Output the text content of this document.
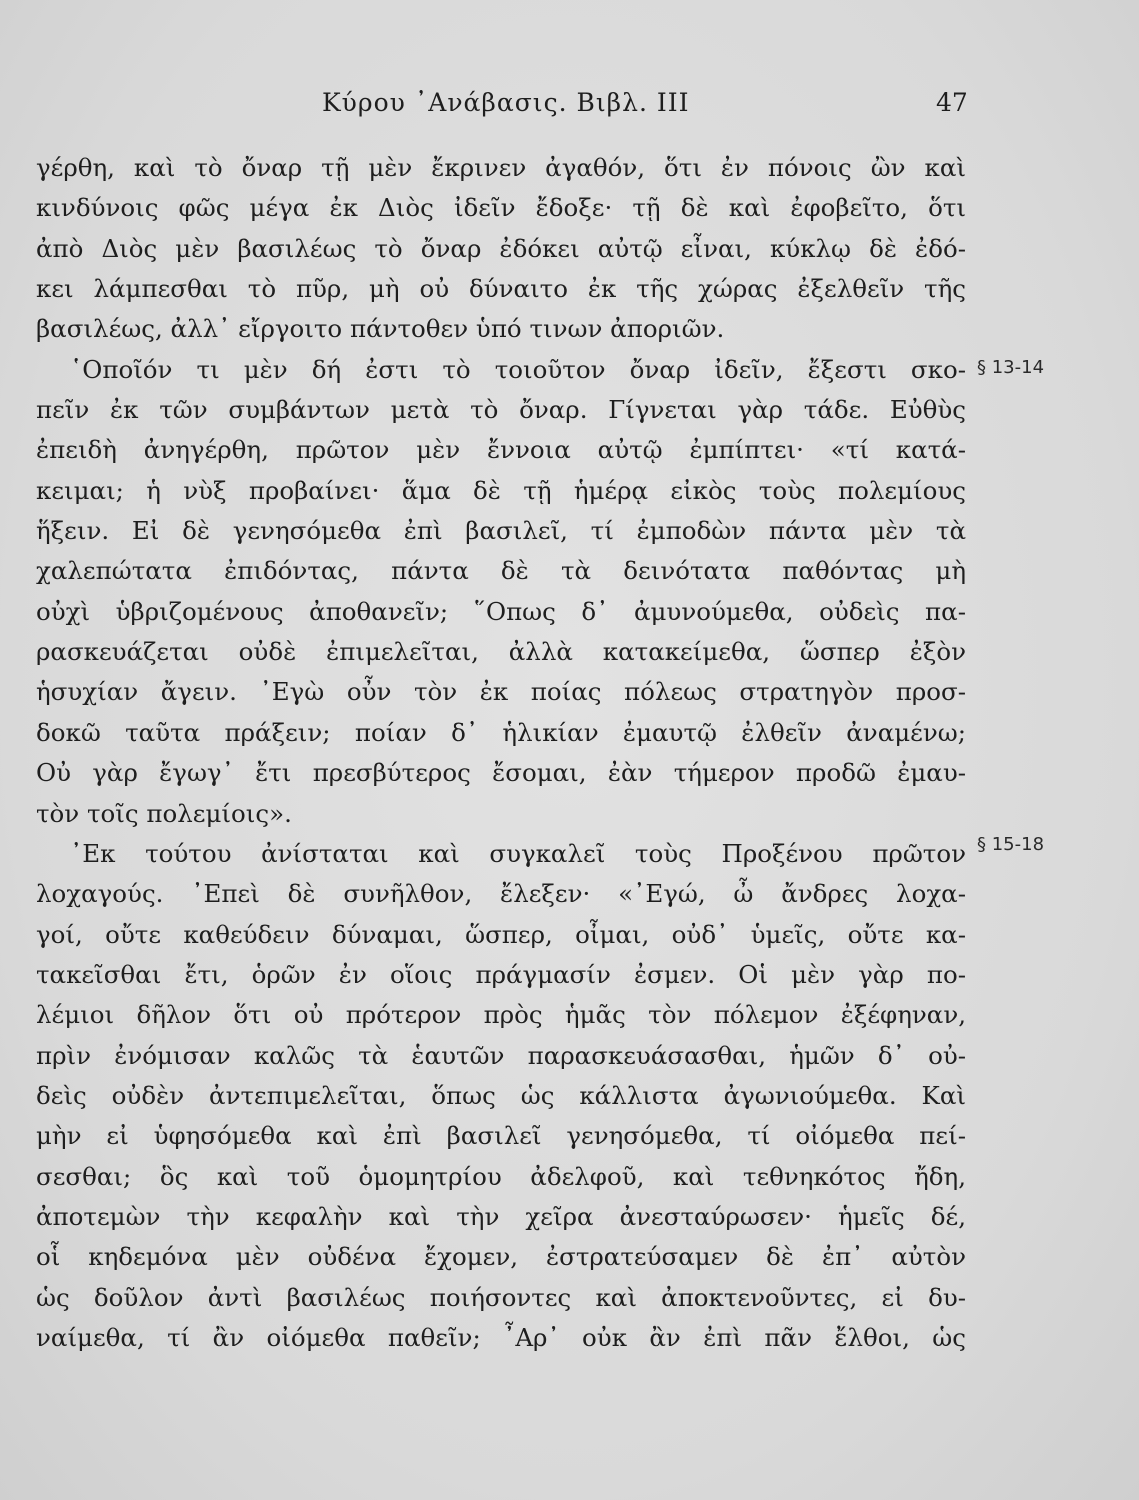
Κύρου ᾿Ανάβασις. Βιβλ. III	47
γέρθη, καὶ τὸ ὄναρ τῇ μὲν ἔκρινεν ἀγαθόν, ὅτι ἐν πόνοις ὢν καὶ
κινδύνοις φῶς μέγα ἐκ Διὸς ἰδεῖν ἔδοξε· τῇ δὲ καὶ ἐφοβεῖτο, ὅτι
ἀπὸ Διὸς μὲν βασιλέως τὸ ὄναρ ἐδόκει αὐτῷ εἶναι, κύκλῳ δὲ ἐδό-
κει λάμπεσθαι τὸ πῦρ, μὴ οὐ δύναιτο ἐκ τῆς χώρας ἐξελθεῖν τῆς
βασιλέως, ἀλλ᾿ εἴργοιτο πάντοθεν ὑπό τινων ἀποριῶν.
῾Οποῖόν τι μὲν δή ἐστι τὸ τοιοῦτον ὄναρ ἰδεῖν, ἔξεστι σκο-
πεῖν ἐκ τῶν συμβάντων μετὰ τὸ ὄναρ. Γίγνεται γὰρ τάδε. Εὐθὺς
ἐπειδὴ ἀνηγέρθη, πρῶτον μὲν ἔννοια αὐτῷ ἐμπίπτει· «τί κατά-
κειμαι; ἡ νὺξ προβαίνει· ἅμα δὲ τῇ ἡμέρᾳ εἰκὸς τοὺς πολεμίους
ἥξειν. Εἰ δὲ γενησόμεθα ἐπὶ βασιλεῖ, τί ἐμποδὼν πάντα μὲν τὰ
χαλεπώτατα ἐπιδόντας, πάντα δὲ τὰ δεινότατα παθόντας μὴ
οὐχὶ ὑβριζομένους ἀποθανεῖν; ῞Οπως δ᾿ ἀμυνούμεθα, οὐδεὶς πα-
ρασκευάζεται οὐδὲ ἐπιμελεῖται, ἀλλὰ κατακείμεθα, ὥσπερ ἐξὸν
ἡσυχίαν ἄγειν. ᾿Εγὼ οὖν τὸν ἐκ ποίας πόλεως στρατηγὸν προσ-
δοκῶ ταῦτα πράξειν; ποίαν δ᾿ ἡλικίαν ἐμαυτῷ ἐλθεῖν ἀναμένω;
Οὐ γὰρ ἔγωγ᾿ ἔτι πρεσβύτερος ἔσομαι, ἐὰν τήμερον προδῶ ἐμαυ-
τὸν τοῖς πολεμίοις».
᾿Εκ τούτου ἀνίσταται καὶ συγκαλεῖ τοὺς Προξένου πρῶτον
λοχαγούς. ᾿Επεὶ δὲ συνῆλθον, ἔλεξεν· «᾿Εγώ, ὦ ἄνδρες λοχα-
γοί, οὔτε καθεύδειν δύναμαι, ὥσπερ, οἶμαι, οὐδ᾿ ὑμεῖς, οὔτε κα-
τακεῖσθαι ἔτι, ὁρῶν ἐν οἵοις πράγμασίν ἐσμεν. Οἱ μὲν γὰρ πο-
λέμιοι δῆλον ὅτι οὐ πρότερον πρὸς ἡμᾶς τὸν πόλεμον ἐξέφηναν,
πρὶν ἐνόμισαν καλῶς τὰ ἑαυτῶν παρασκευάσασθαι, ἡμῶν δ᾿ οὐ-
δεὶς οὐδὲν ἀντεπιμελεῖται, ὅπως ὡς κάλλιστα ἀγωνιούμεθα. Καὶ
μὴν εἰ ὑφησόμεθα καὶ ἐπὶ βασιλεῖ γενησόμεθα, τί οἰόμεθα πεί-
σεσθαι; ὃς καὶ τοῦ ὁμομητρίου ἀδελφοῦ, καὶ τεθνηκότος ἤδη,
ἀποτεμὼν τὴν κεφαλὴν καὶ τὴν χεῖρα ἀνεσταύρωσεν· ἡμεῖς δέ,
οἷ κηδεμόνα μὲν οὐδένα ἔχομεν, ἐστρατεύσαμεν δὲ ἐπ᾿ αὐτὸν
ὡς δοῦλον ἀντὶ βασιλέως ποιήσοντες καὶ ἀποκτενοῦντες, εἰ δυ-
ναίμεθα, τί ἂν οἰόμεθα παθεῖν; ῏Αρ᾿ οὐκ ἂν ἐπὶ πᾶν ἔλθοι, ὡς
§ 13-14
§ 15-18
